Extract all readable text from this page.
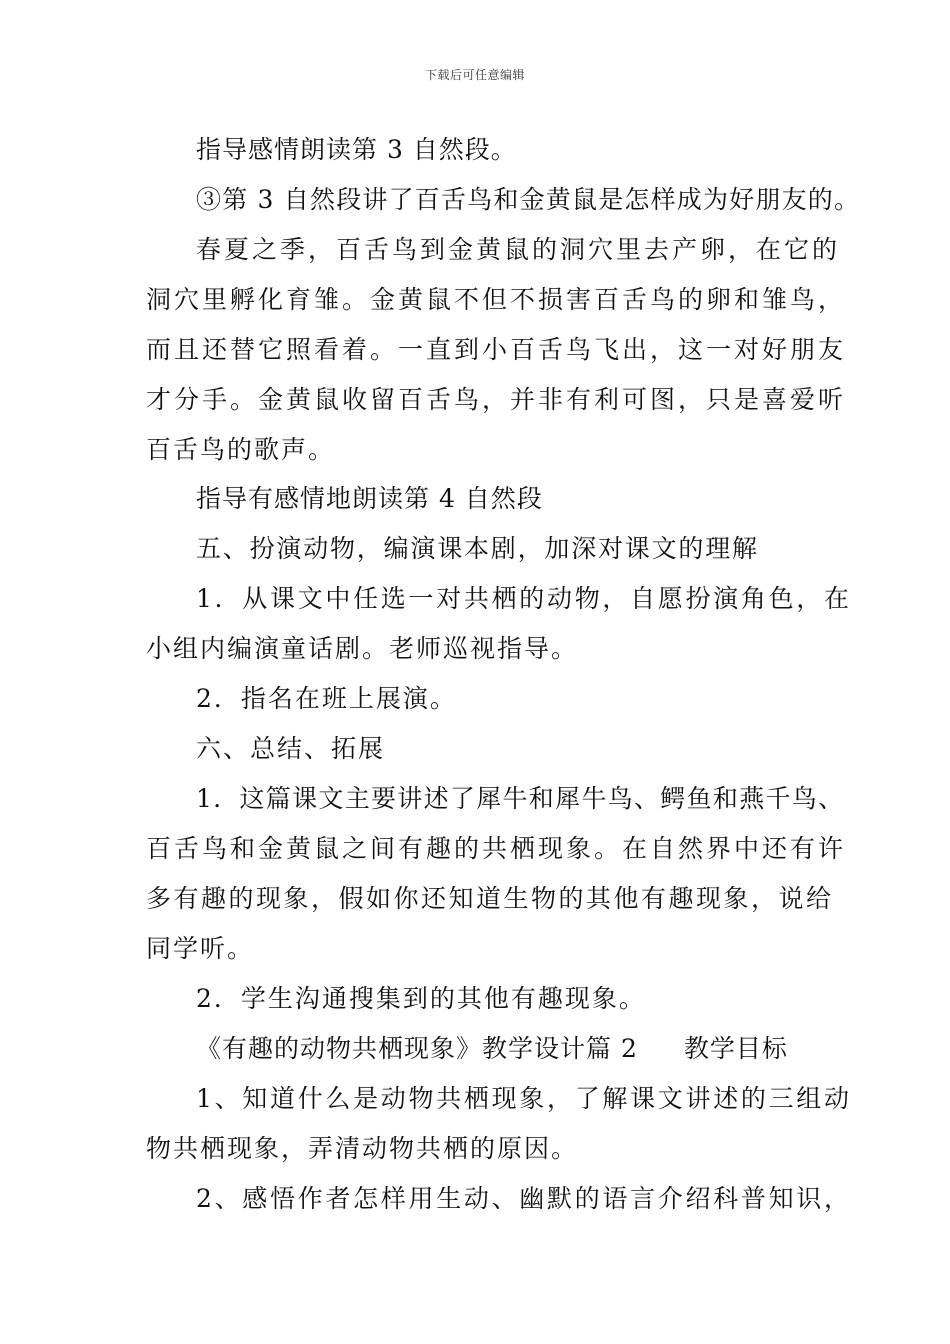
下载后可任意编辑
指导感情朗读第 3 自然段。
③第 3 自然段讲了百舌鸟和金黄鼠是怎样成为好朋友的。
春夏之季，百舌鸟到金黄鼠的洞穴里去产卵，在它的
洞穴里孵化育雏。金黄鼠不但不损害百舌鸟的卵和雏鸟，
而且还替它照看着。一直到小百舌鸟飞出，这一对好朋友
才分手。金黄鼠收留百舌鸟，并非有利可图，只是喜爱听
百舌鸟的歌声。
指导有感情地朗读第 4 自然段
五、扮演动物，编演课本剧，加深对课文的理解
1．从课文中任选一对共栖的动物，自愿扮演角色，在
小组内编演童话剧。老师巡视指导。
2．指名在班上展演。
六、总结、拓展
1．这篇课文主要讲述了犀牛和犀牛鸟、鳄鱼和燕千鸟、
百舌鸟和金黄鼠之间有趣的共栖现象。在自然界中还有许
多有趣的现象，假如你还知道生物的其他有趣现象，说给
同学听。
2．学生沟通搜集到的其他有趣现象。
《有趣的动物共栖现象》教学设计篇 2 教学目标
1、知道什么是动物共栖现象，了解课文讲述的三组动
物共栖现象，弄清动物共栖的原因。
2、感悟作者怎样用生动、幽默的语言介绍科普知识，
